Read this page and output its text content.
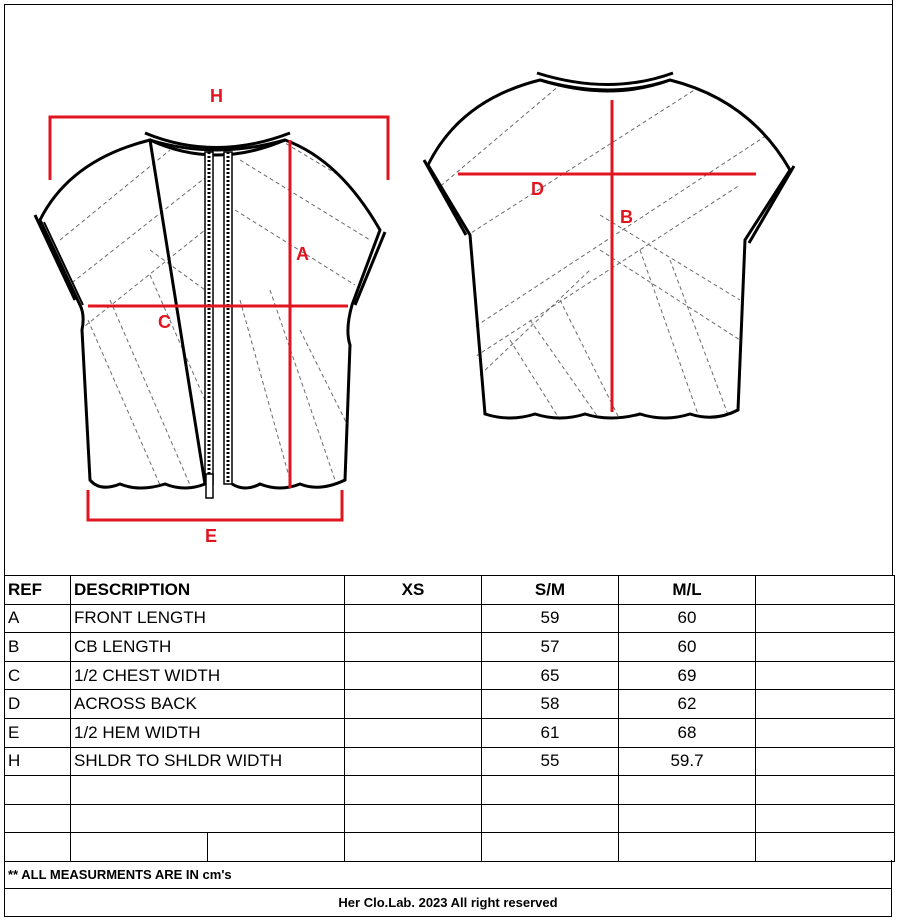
H
A
C
E
D
B
REF	DESCRIPTION		XS	S/M	M/L	
A	FRONT LENGTH			59	60	
B	CB LENGTH			57	60	
C	1/2 CHEST WIDTH			65	69	
D	ACROSS BACK			58	62	
E	1/2 HEM WIDTH			61	68	
H	SHLDR TO SHLDR WIDTH			55	59.7	

** ALL MEASURMENTS ARE IN cm's
Her Clo.Lab. 2023 All right reserved
